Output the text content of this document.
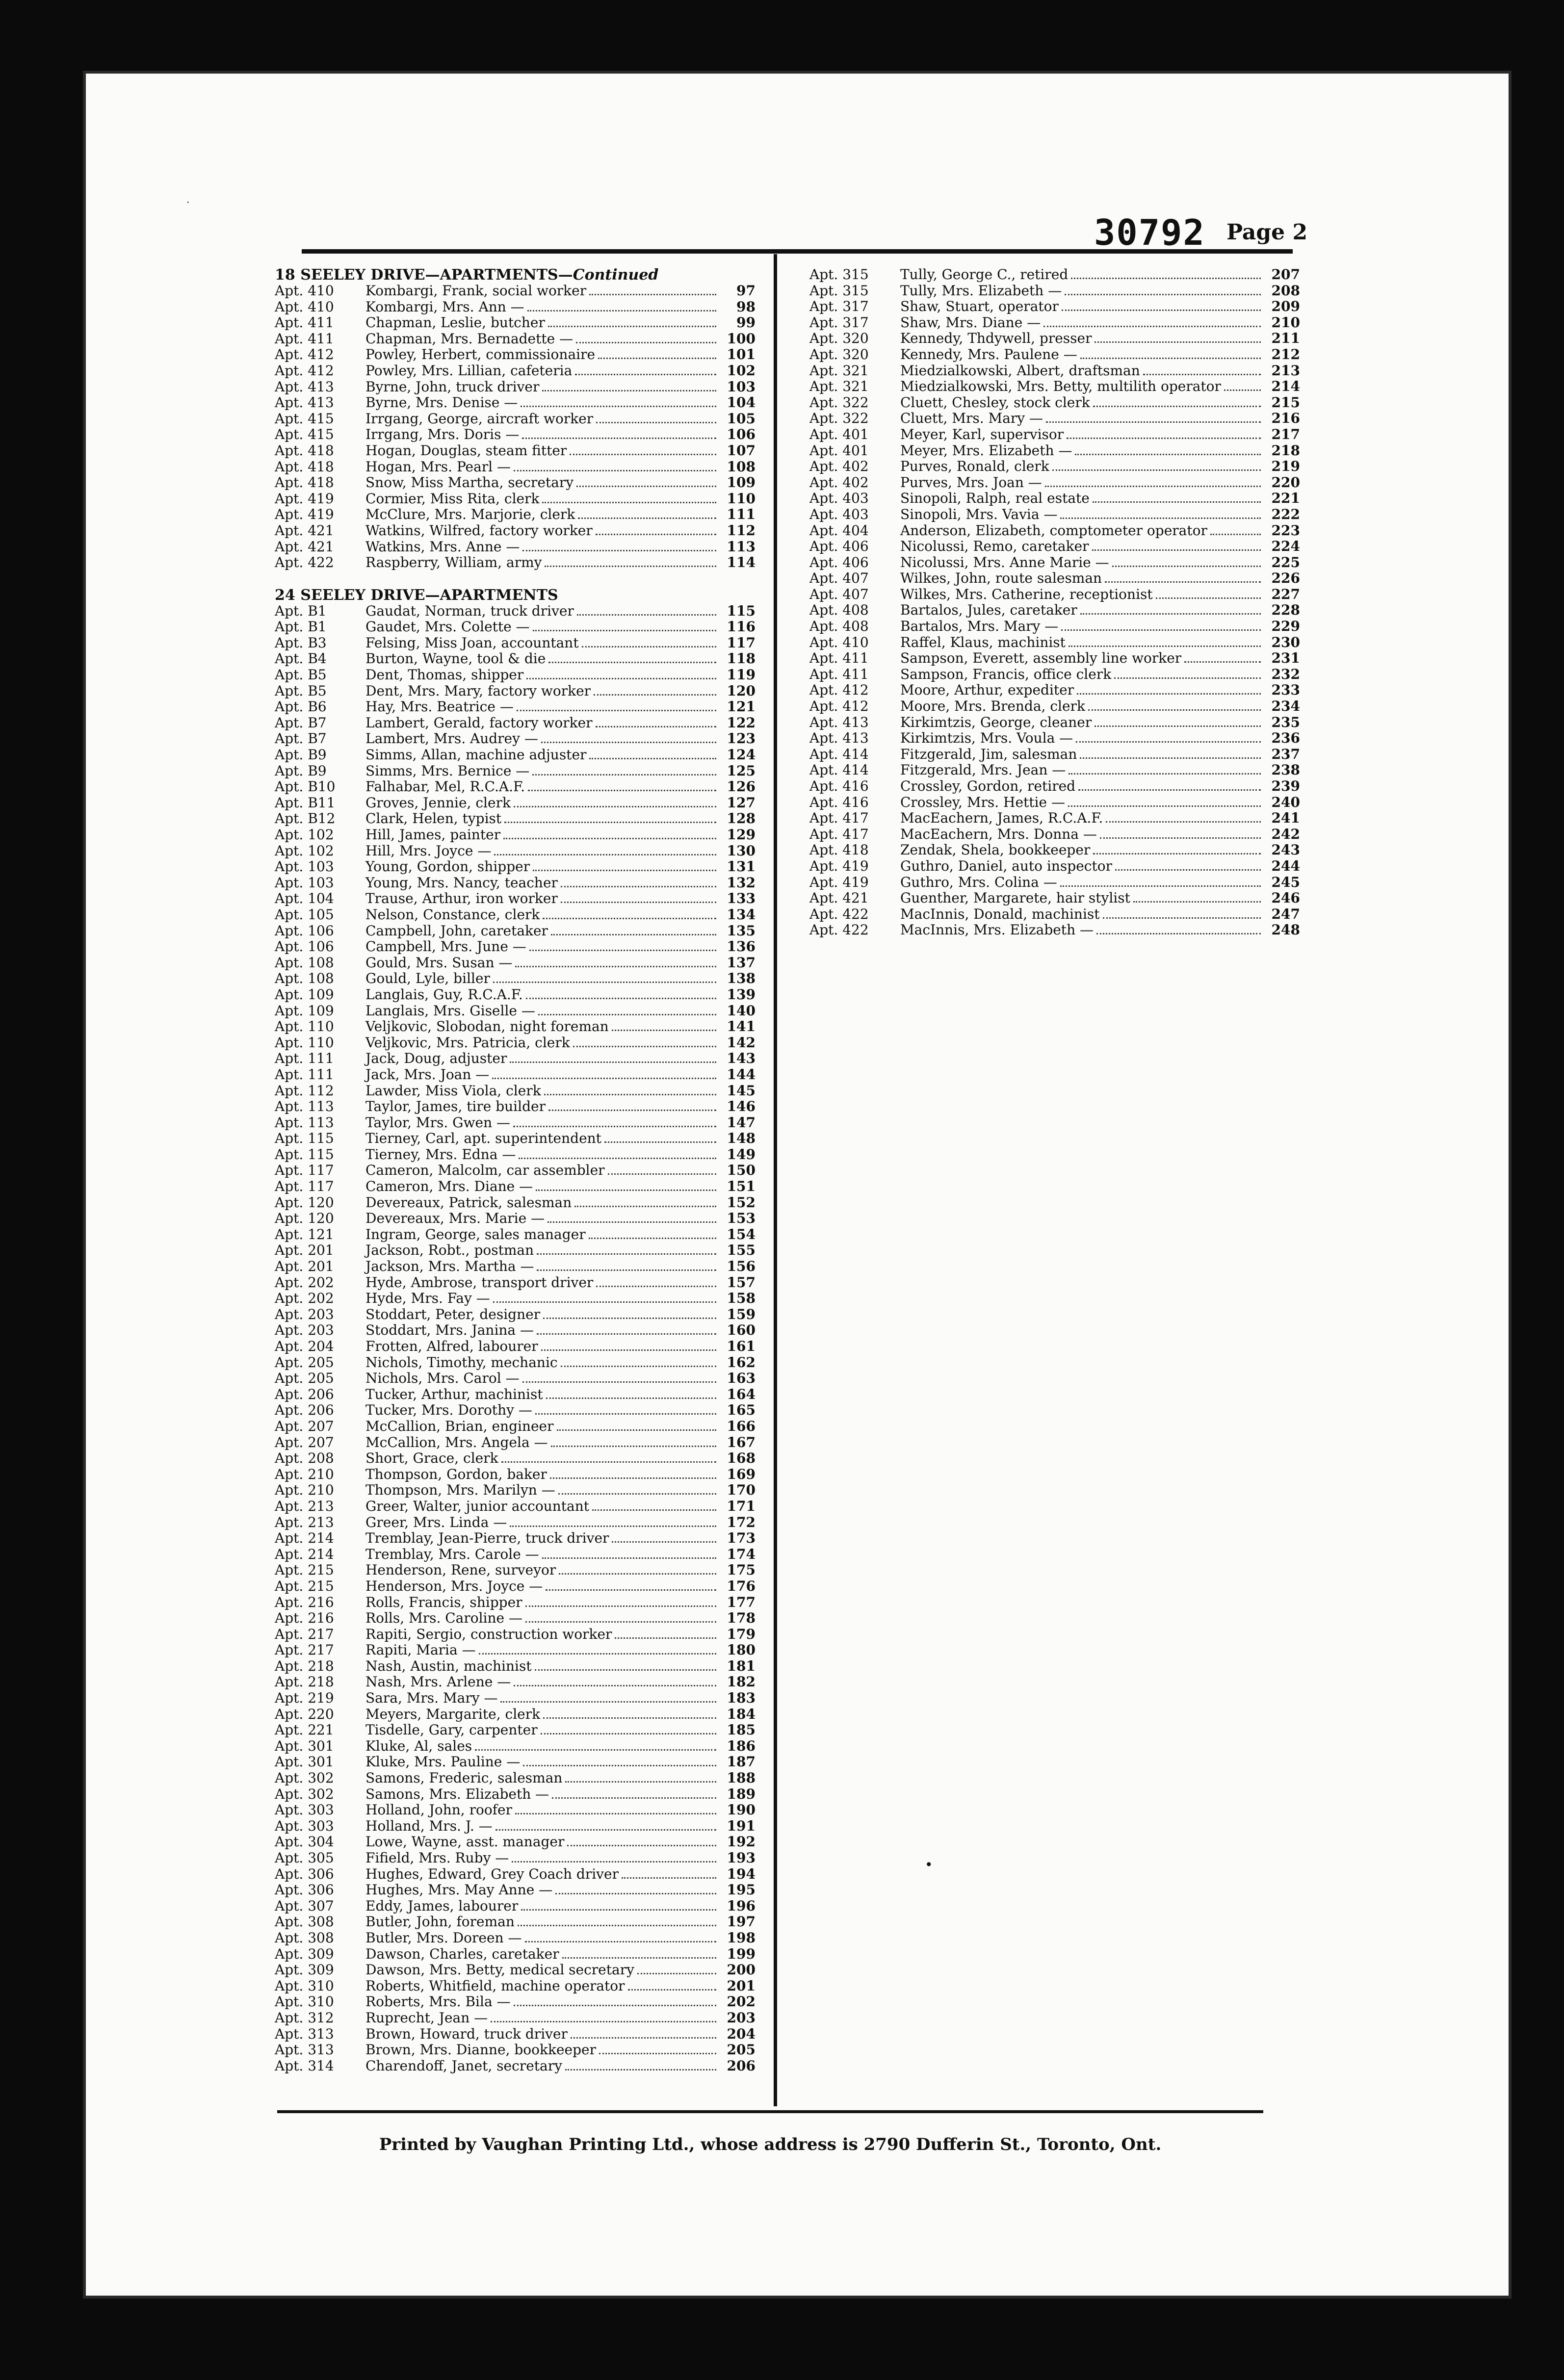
30792 Page 2
18 SEELEY DRIVE—APARTMENTS—Continued
Apt. 410	Kombargi, Frank, social worker	97
Apt. 410	Kombargi, Mrs. Ann —	98
Apt. 411	Chapman, Leslie, butcher	99
Apt. 411	Chapman, Mrs. Bernadette —	100
Apt. 412	Powley, Herbert, commissionaire	101
Apt. 412	Powley, Mrs. Lillian, cafeteria	102
Apt. 413	Byrne, John, truck driver	103
Apt. 413	Byrne, Mrs. Denise —	104
Apt. 415	Irrgang, George, aircraft worker	105
Apt. 415	Irrgang, Mrs. Doris —	106
Apt. 418	Hogan, Douglas, steam fitter	107
Apt. 418	Hogan, Mrs. Pearl —	108
Apt. 418	Snow, Miss Martha, secretary	109
Apt. 419	Cormier, Miss Rita, clerk	110
Apt. 419	McClure, Mrs. Marjorie, clerk	111
Apt. 421	Watkins, Wilfred, factory worker	112
Apt. 421	Watkins, Mrs. Anne —	113
Apt. 422	Raspberry, William, army	114
24 SEELEY DRIVE—APARTMENTS
Apt. B1	Gaudat, Norman, truck driver	115
Apt. B1	Gaudet, Mrs. Colette —	116
Apt. B3	Felsing, Miss Joan, accountant	117
Apt. B4	Burton, Wayne, tool & die	118
Apt. B5	Dent, Thomas, shipper	119
Apt. B5	Dent, Mrs. Mary, factory worker	120
Apt. B6	Hay, Mrs. Beatrice —	121
Apt. B7	Lambert, Gerald, factory worker	122
Apt. B7	Lambert, Mrs. Audrey —	123
Apt. B9	Simms, Allan, machine adjuster	124
Apt. B9	Simms, Mrs. Bernice —	125
Apt. B10	Falhabar, Mel, R.C.A.F.	126
Apt. B11	Groves, Jennie, clerk	127
Apt. B12	Clark, Helen, typist	128
Apt. 102	Hill, James, painter	129
Apt. 102	Hill, Mrs. Joyce —	130
Apt. 103	Young, Gordon, shipper	131
Apt. 103	Young, Mrs. Nancy, teacher	132
Apt. 104	Trause, Arthur, iron worker	133
Apt. 105	Nelson, Constance, clerk	134
Apt. 106	Campbell, John, caretaker	135
Apt. 106	Campbell, Mrs. June —	136
Apt. 108	Gould, Mrs. Susan —	137
Apt. 108	Gould, Lyle, biller	138
Apt. 109	Langlais, Guy, R.C.A.F.	139
Apt. 109	Langlais, Mrs. Giselle —	140
Apt. 110	Veljkovic, Slobodan, night foreman	141
Apt. 110	Veljkovic, Mrs. Patricia, clerk	142
Apt. 111	Jack, Doug, adjuster	143
Apt. 111	Jack, Mrs. Joan —	144
Apt. 112	Lawder, Miss Viola, clerk	145
Apt. 113	Taylor, James, tire builder	146
Apt. 113	Taylor, Mrs. Gwen —	147
Apt. 115	Tierney, Carl, apt. superintendent	148
Apt. 115	Tierney, Mrs. Edna —	149
Apt. 117	Cameron, Malcolm, car assembler	150
Apt. 117	Cameron, Mrs. Diane —	151
Apt. 120	Devereaux, Patrick, salesman	152
Apt. 120	Devereaux, Mrs. Marie —	153
Apt. 121	Ingram, George, sales manager	154
Apt. 201	Jackson, Robt., postman	155
Apt. 201	Jackson, Mrs. Martha —	156
Apt. 202	Hyde, Ambrose, transport driver	157
Apt. 202	Hyde, Mrs. Fay —	158
Apt. 203	Stoddart, Peter, designer	159
Apt. 203	Stoddart, Mrs. Janina —	160
Apt. 204	Frotten, Alfred, labourer	161
Apt. 205	Nichols, Timothy, mechanic	162
Apt. 205	Nichols, Mrs. Carol —	163
Apt. 206	Tucker, Arthur, machinist	164
Apt. 206	Tucker, Mrs. Dorothy —	165
Apt. 207	McCallion, Brian, engineer	166
Apt. 207	McCallion, Mrs. Angela —	167
Apt. 208	Short, Grace, clerk	168
Apt. 210	Thompson, Gordon, baker	169
Apt. 210	Thompson, Mrs. Marilyn —	170
Apt. 213	Greer, Walter, junior accountant	171
Apt. 213	Greer, Mrs. Linda —	172
Apt. 214	Tremblay, Jean-Pierre, truck driver	173
Apt. 214	Tremblay, Mrs. Carole —	174
Apt. 215	Henderson, Rene, surveyor	175
Apt. 215	Henderson, Mrs. Joyce —	176
Apt. 216	Rolls, Francis, shipper	177
Apt. 216	Rolls, Mrs. Caroline —	178
Apt. 217	Rapiti, Sergio, construction worker	179
Apt. 217	Rapiti, Maria —	180
Apt. 218	Nash, Austin, machinist	181
Apt. 218	Nash, Mrs. Arlene —	182
Apt. 219	Sara, Mrs. Mary —	183
Apt. 220	Meyers, Margarite, clerk	184
Apt. 221	Tisdelle, Gary, carpenter	185
Apt. 301	Kluke, Al, sales	186
Apt. 301	Kluke, Mrs. Pauline —	187
Apt. 302	Samons, Frederic, salesman	188
Apt. 302	Samons, Mrs. Elizabeth —	189
Apt. 303	Holland, John, roofer	190
Apt. 303	Holland, Mrs. J. —	191
Apt. 304	Lowe, Wayne, asst. manager	192
Apt. 305	Fifield, Mrs. Ruby —	193
Apt. 306	Hughes, Edward, Grey Coach driver	194
Apt. 306	Hughes, Mrs. May Anne —	195
Apt. 307	Eddy, James, labourer	196
Apt. 308	Butler, John, foreman	197
Apt. 308	Butler, Mrs. Doreen —	198
Apt. 309	Dawson, Charles, caretaker	199
Apt. 309	Dawson, Mrs. Betty, medical secretary	200
Apt. 310	Roberts, Whitfield, machine operator	201
Apt. 310	Roberts, Mrs. Bila —	202
Apt. 312	Ruprecht, Jean —	203
Apt. 313	Brown, Howard, truck driver	204
Apt. 313	Brown, Mrs. Dianne, bookkeeper	205
Apt. 314	Charendoff, Janet, secretary	206
Apt. 315	Tully, George C., retired	207
Apt. 315	Tully, Mrs. Elizabeth —	208
Apt. 317	Shaw, Stuart, operator	209
Apt. 317	Shaw, Mrs. Diane —	210
Apt. 320	Kennedy, Thdywell, presser	211
Apt. 320	Kennedy, Mrs. Paulene —	212
Apt. 321	Miedzialkowski, Albert, draftsman	213
Apt. 321	Miedzialkowski, Mrs. Betty, multilith operator	214
Apt. 322	Cluett, Chesley, stock clerk	215
Apt. 322	Cluett, Mrs. Mary —	216
Apt. 401	Meyer, Karl, supervisor	217
Apt. 401	Meyer, Mrs. Elizabeth —	218
Apt. 402	Purves, Ronald, clerk	219
Apt. 402	Purves, Mrs. Joan —	220
Apt. 403	Sinopoli, Ralph, real estate	221
Apt. 403	Sinopoli, Mrs. Vavia —	222
Apt. 404	Anderson, Elizabeth, comptometer operator	223
Apt. 406	Nicolussi, Remo, caretaker	224
Apt. 406	Nicolussi, Mrs. Anne Marie —	225
Apt. 407	Wilkes, John, route salesman	226
Apt. 407	Wilkes, Mrs. Catherine, receptionist	227
Apt. 408	Bartalos, Jules, caretaker	228
Apt. 408	Bartalos, Mrs. Mary —	229
Apt. 410	Raffel, Klaus, machinist	230
Apt. 411	Sampson, Everett, assembly line worker	231
Apt. 411	Sampson, Francis, office clerk	232
Apt. 412	Moore, Arthur, expediter	233
Apt. 412	Moore, Mrs. Brenda, clerk	234
Apt. 413	Kirkimtzis, George, cleaner	235
Apt. 413	Kirkimtzis, Mrs. Voula —	236
Apt. 414	Fitzgerald, Jim, salesman	237
Apt. 414	Fitzgerald, Mrs. Jean —	238
Apt. 416	Crossley, Gordon, retired	239
Apt. 416	Crossley, Mrs. Hettie —	240
Apt. 417	MacEachern, James, R.C.A.F.	241
Apt. 417	MacEachern, Mrs. Donna —	242
Apt. 418	Zendak, Shela, bookkeeper	243
Apt. 419	Guthro, Daniel, auto inspector	244
Apt. 419	Guthro, Mrs. Colina —	245
Apt. 421	Guenther, Margarete, hair stylist	246
Apt. 422	MacInnis, Donald, machinist	247
Apt. 422	MacInnis, Mrs. Elizabeth —	248
Printed by Vaughan Printing Ltd., whose address is 2790 Dufferin St., Toronto, Ont.
·
•
